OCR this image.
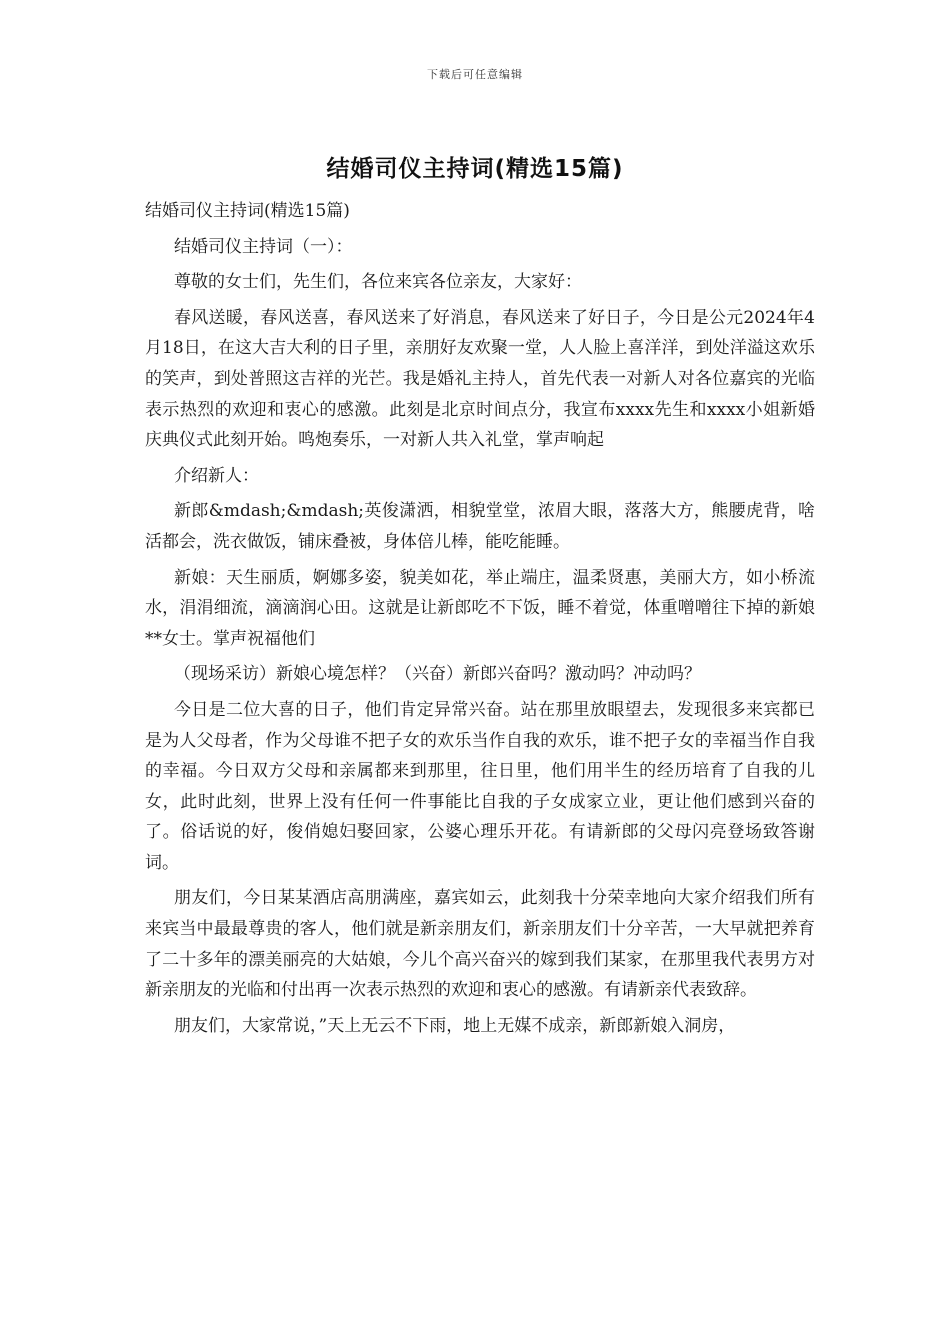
下载后可任意编辑
结婚司仪主持词(精选15篇)

结婚司仪主持词(精选15篇)

结婚司仪主持词（一）：

尊敬的女士们，先生们，各位来宾各位亲友，大家好：

春风送暖，春风送喜，春风送来了好消息，春风送来了好日子，今日是公元2024年4月18日，在这大吉大利的日子里，亲朋好友欢聚一堂，人人脸上喜洋洋，到处洋溢这欢乐的笑声，到处普照这吉祥的光芒。我是婚礼主持人，首先代表一对新人对各位嘉宾的光临表示热烈的欢迎和衷心的感激。此刻是北京时间点分，我宣布xxxx先生和xxxx小姐新婚庆典仪式此刻开始。鸣炮奏乐，一对新人共入礼堂，掌声响起

介绍新人：

新郎&mdash;&mdash;英俊潇洒，相貌堂堂，浓眉大眼，落落大方，熊腰虎背，啥活都会，洗衣做饭，铺床叠被，身体倍儿棒，能吃能睡。

新娘：天生丽质，婀娜多姿，貌美如花，举止端庄，温柔贤惠，美丽大方，如小桥流水，涓涓细流，滴滴润心田。这就是让新郎吃不下饭，睡不着觉，体重噌噌往下掉的新娘**女士。掌声祝福他们

（现场采访）新娘心境怎样？（兴奋）新郎兴奋吗？激动吗？冲动吗？

今日是二位大喜的日子，他们肯定异常兴奋。站在那里放眼望去，发现很多来宾都已是为人父母者，作为父母谁不把子女的欢乐当作自我的欢乐，谁不把子女的幸福当作自我的幸福。今日双方父母和亲属都来到那里，往日里，他们用半生的经历培育了自我的儿女，此时此刻，世界上没有任何一件事能比自我的子女成家立业，更让他们感到兴奋的了。俗话说的好，俊俏媳妇娶回家，公婆心理乐开花。有请新郎的父母闪亮登场致答谢词。

朋友们，今日某某酒店高朋满座，嘉宾如云，此刻我十分荣幸地向大家介绍我们所有来宾当中最最尊贵的客人，他们就是新亲朋友们，新亲朋友们十分辛苦，一大早就把养育了二十多年的漂美丽亮的大姑娘，今儿个高兴奋兴的嫁到我们某家，在那里我代表男方对新亲朋友的光临和付出再一次表示热烈的欢迎和衷心的感激。有请新亲代表致辞。

朋友们，大家常说，”天上无云不下雨，地上无媒不成亲，新郎新娘入洞房，
